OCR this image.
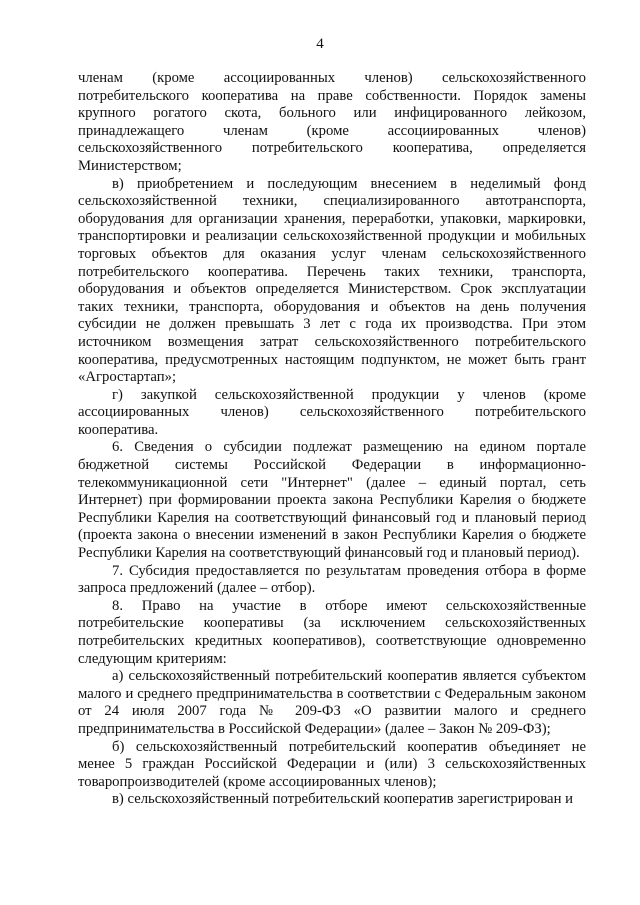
4

членам (кроме ассоциированных членов) сельскохозяйственного потребительского кооператива на праве собственности. Порядок замены крупного рогатого скота, больного или инфицированного лейкозом, принадлежащего членам (кроме ассоциированных членов) сельскохозяйственного потребительского кооператива, определяется Министерством;

в) приобретением и последующим внесением в неделимый фонд сельскохозяйственной техники, специализированного автотранспорта, оборудования для организации хранения, переработки, упаковки, маркировки, транспортировки и реализации сельскохозяйственной продукции и мобильных торговых объектов для оказания услуг членам сельскохозяйственного потребительского кооператива. Перечень таких техники, транспорта, оборудования и объектов определяется Министерством. Срок эксплуатации таких техники, транспорта, оборудования и объектов на день получения субсидии не должен превышать 3 лет с года их производства. При этом источником возмещения затрат сельскохозяйственного потребительского кооператива, предусмотренных настоящим подпунктом, не может быть грант «Агростартап»;

г) закупкой сельскохозяйственной продукции у членов (кроме ассоциированных членов) сельскохозяйственного потребительского кооператива.

6. Сведения о субсидии подлежат размещению на едином портале бюджетной системы Российской Федерации в информационно-телекоммуникационной сети "Интернет" (далее – единый портал, сеть Интернет) при формировании проекта закона Республики Карелия о бюджете Республики Карелия на соответствующий финансовый год и плановый период (проекта закона о внесении изменений в закон Республики Карелия о бюджете Республики Карелия на соответствующий финансовый год и плановый период).

7. Субсидия предоставляется по результатам проведения отбора в форме запроса предложений (далее – отбор).

8. Право на участие в отборе имеют сельскохозяйственные потребительские кооперативы (за исключением сельскохозяйственных потребительских кредитных кооперативов), соответствующие одновременно следующим критериям:

а) сельскохозяйственный потребительский кооператив является субъектом малого и среднего предпринимательства в соответствии с Федеральным законом от 24 июля 2007 года № 209-ФЗ «О развитии малого и среднего предпринимательства в Российской Федерации» (далее – Закон № 209-ФЗ);

б) сельскохозяйственный потребительский кооператив объединяет не менее 5 граждан Российской Федерации и (или) 3 сельскохозяйственных товаропроизводителей (кроме ассоциированных членов);

в) сельскохозяйственный потребительский кооператив зарегистрирован и
